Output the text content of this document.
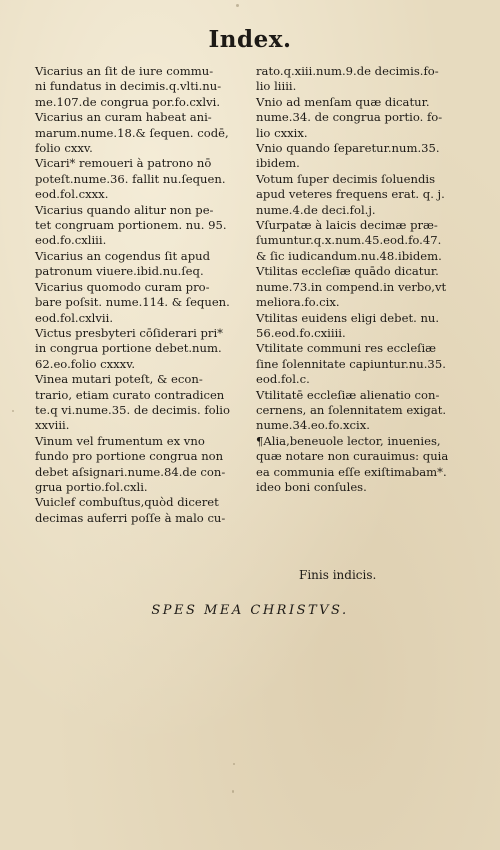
Index.
Vicarius an ſit de iure commu-
ni fundatus in decimis.q.vlti.nu-
me.107.de congrua por.fo.cxlvi.
Vicarius an curam habeat ani-
marum.nume.18.& ſequen. codē,
folio cxxv.
Vicari* remoueri à patrono nō
poteſt.nume.36. fallit nu.ſequen.
eod.fol.cxxx.
Vicarius quando alitur non pe-
tet congruam portionem. nu. 95.
eod.fo.cxliii.
Vicarius an cogendus ſit apud
patronum viuere.ibid.nu.ſeq.
Vicarius quomodo curam pro-
bare poſsit. nume.114. & ſequen.
eod.fol.cxlvii.
Victus presbyteri cōſiderari pri*
in congrua portione debet.num.
62.eo.folio cxxxv.
Vinea mutari poteſt, & econ-
trario, etiam curato contradicen
te.q vi.nume.35. de decimis. folio
xxviii.
Vinum vel frumentum ex vno
fundo pro portione congrua non
debet aſsignari.nume.84.de con-
grua portio.fol.cxli.
Vuiclef combuſtus,quòd diceret
decimas auferri poſſe à malo cu-
rato.q.xiii.num.9.de decimis.fo-
lio liiii.
Vnio ad menſam quæ dicatur.
nume.34. de congrua portio. fo-
lio cxxix.
Vnio quando ſeparetur.num.35.
ibidem.
Votum ſuper decimis ſoluendis
apud veteres frequens erat. q. j.
nume.4.de deci.fol.j.
Vſurpatæ à laicis decimæ præ-
ſumuntur.q.x.num.45.eod.fo.47.
& ſic iudicandum.nu.48.ibidem.
Vtilitas eccleſiæ quādo dicatur.
nume.73.in compend.in verbo,vt
meliora.fo.cix.
Vtilitas euidens eligi debet. nu.
56.eod.fo.cxiiii.
Vtilitate communi res eccleſiæ
ſine ſolennitate capiuntur.nu.35.
eod.fol.c.
Vtilitatē eccleſiæ alienatio con-
cernens, an ſolennitatem exigat.
nume.34.eo.fo.xcix.
¶Alia,beneuole lector, inuenies,
quæ notare non curauimus: quia
ea communia eſſe exiſtimabam*.
ideo boni conſules.
Finis indicis.
SPES MEA CHRISTVS.
